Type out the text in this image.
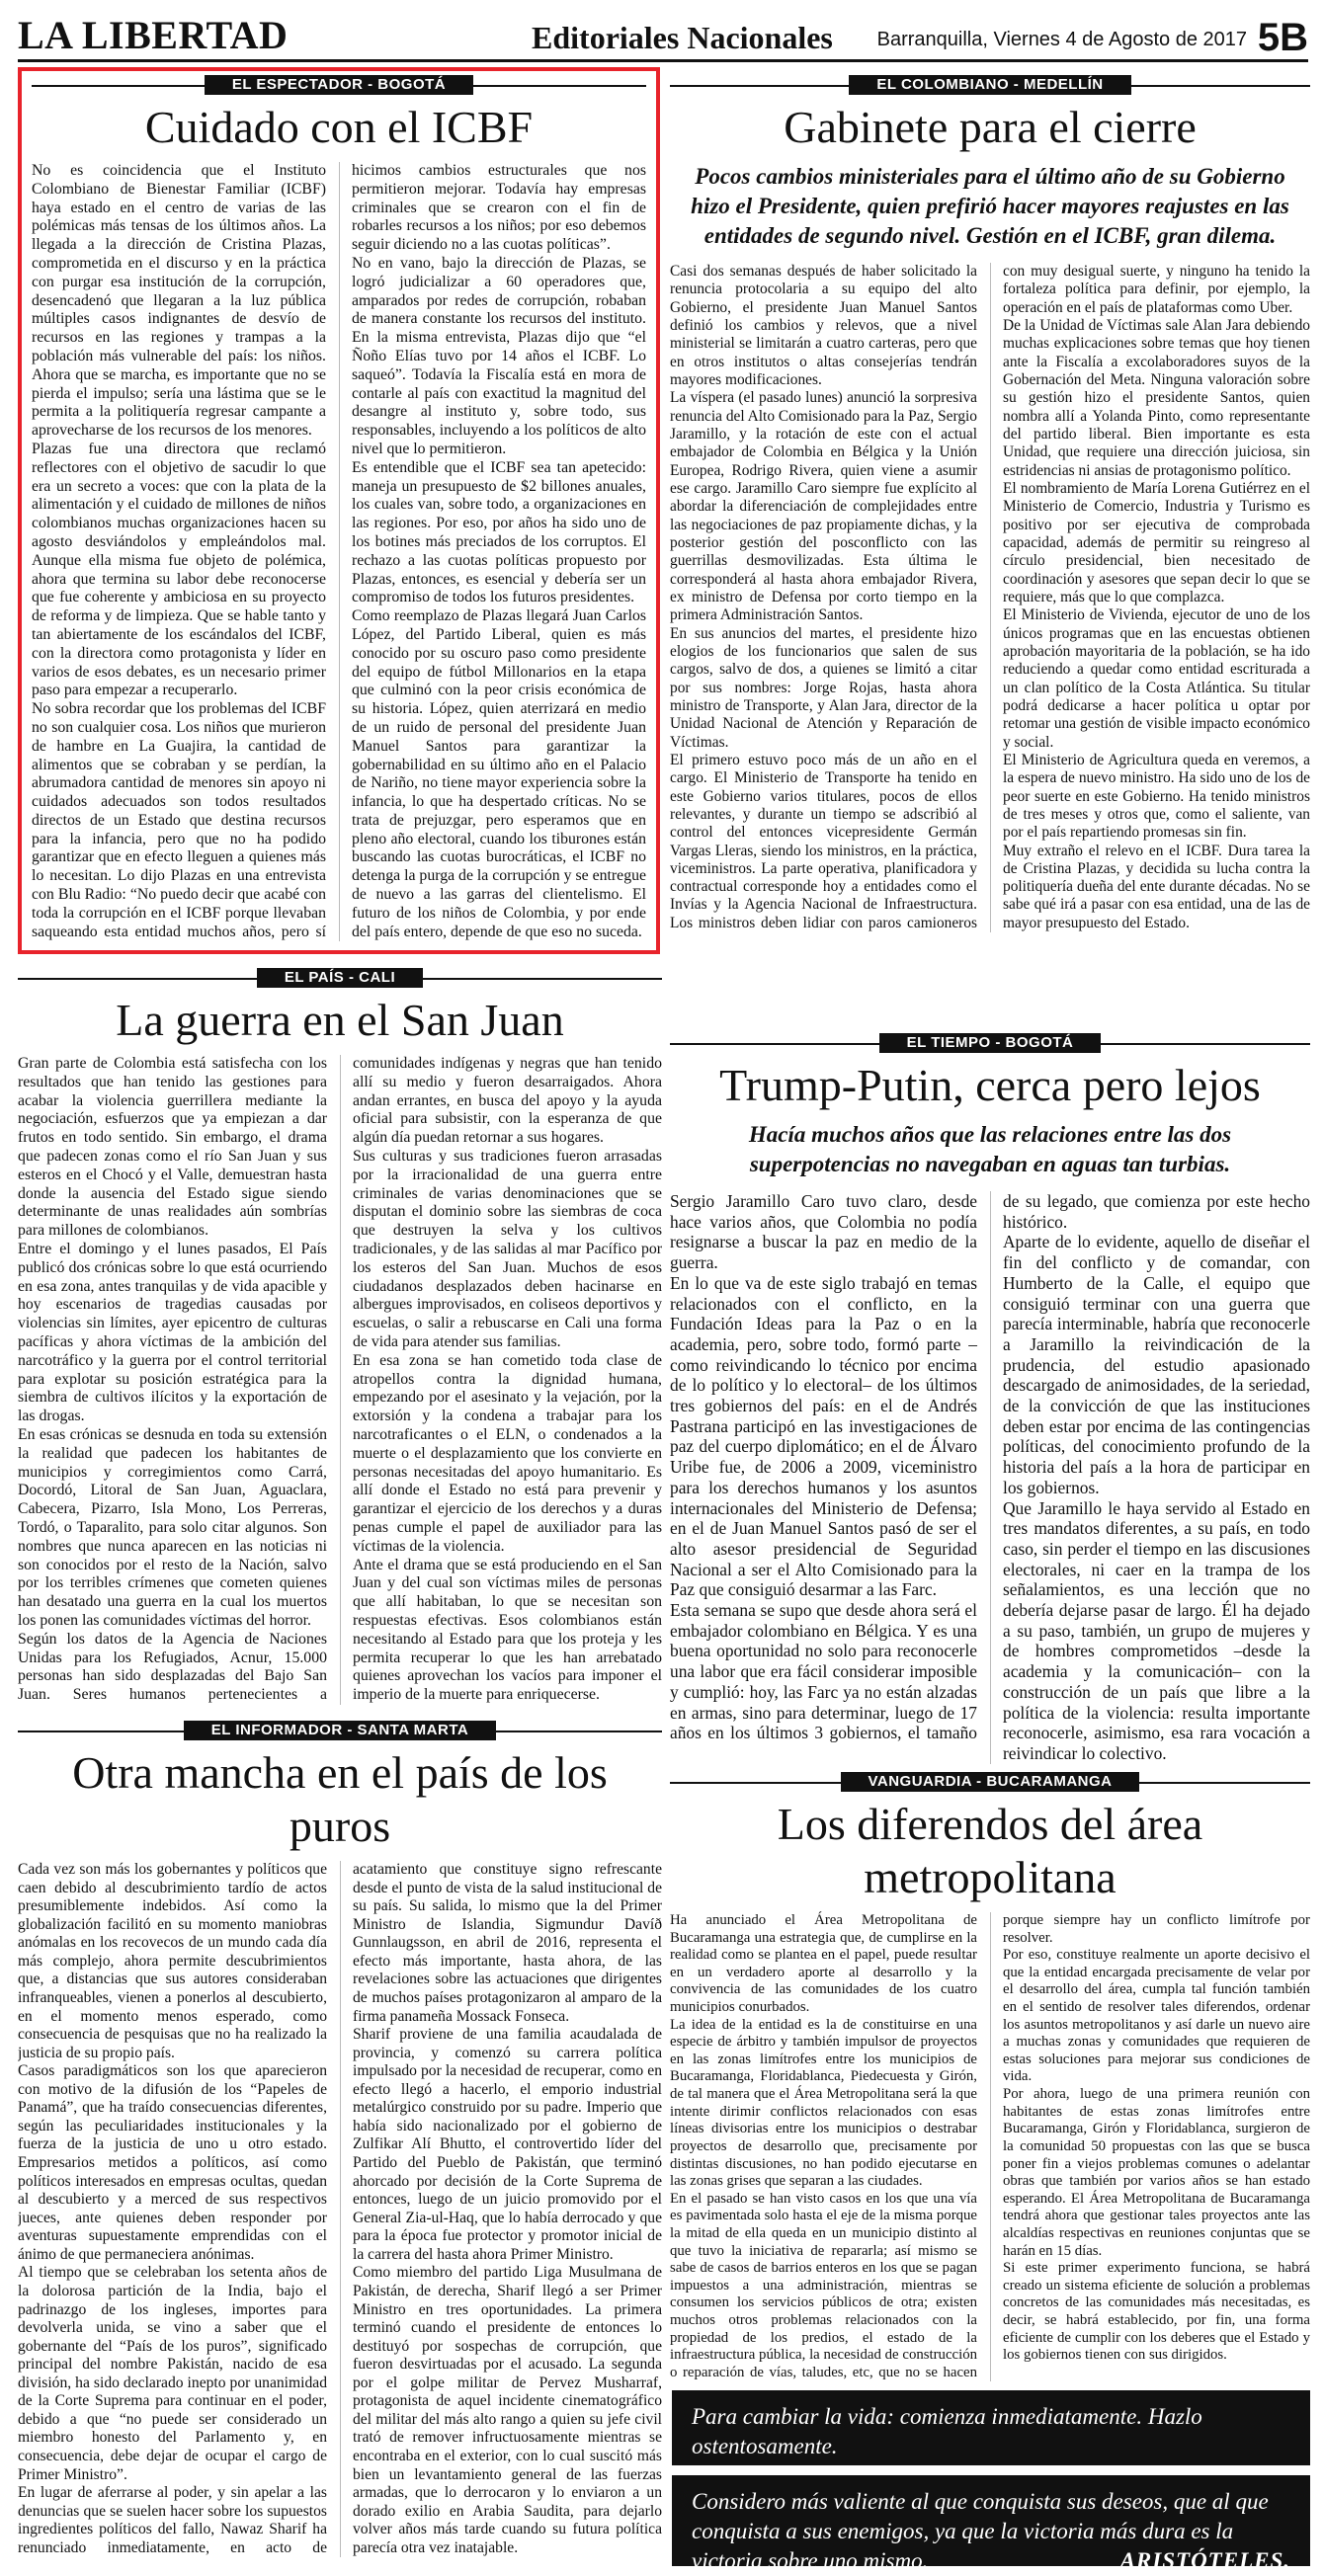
LA LIBERTAD	Editoriales Nacionales Barranquilla, Viernes 4 de Agosto de 2017 5B
EL ESPECTADOR - BOGOTÁ
Cuidado con el ICBF

No es coincidencia que el Instituto Colombiano de Bienestar Familiar (ICBF) haya estado en el centro de varias de las polémicas más tensas de los últimos años. La llegada a la dirección de Cristina Plazas, comprometida en el discurso y en la práctica con purgar esa institución de la corrupción, desencadenó que llegaran a la luz pública múltiples casos indignantes de desvío de recursos en las regiones y trampas a la población más vulnerable del país: los niños. Ahora que se marcha, es importante que no se pierda el impulso; sería una lástima que se le permita a la politiquería regresar campante a aprovecharse de los recursos de los menores.

Plazas fue una directora que reclamó reflectores con el objetivo de sacudir lo que era un secreto a voces: que con la plata de la alimentación y el cuidado de millones de niños colombianos muchas organizaciones hacen su agosto desviándolos y empleándolos mal. Aunque ella misma fue objeto de polémica, ahora que termina su labor debe reconocerse que fue coherente y ambiciosa en su proyecto de reforma y de limpieza. Que se hable tanto y tan abiertamente de los escándalos del ICBF, con la directora como protagonista y líder en varios de esos debates, es un necesario primer paso para empezar a recuperarlo.

No sobra recordar que los problemas del ICBF no son cualquier cosa. Los niños que murieron de hambre en La Guajira, la cantidad de alimentos que se cobraban y se perdían, la abrumadora cantidad de menores sin apoyo ni cuidados adecuados son todos resultados directos de un Estado que destina recursos para la infancia, pero que no ha podido garantizar que en efecto lleguen a quienes más lo necesitan. Lo dijo Plazas en una entrevista con Blu Radio: “No puedo decir que acabé con toda la corrupción en el ICBF porque llevaban saqueando esta entidad muchos años, pero sí hicimos cambios estructurales que nos permitieron mejorar. Todavía hay empresas criminales que se crearon con el fin de robarles recursos a los niños; por eso debemos seguir diciendo no a las cuotas políticas”.

No en vano, bajo la dirección de Plazas, se logró judicializar a 60 operadores que, amparados por redes de corrupción, robaban de manera constante los recursos del instituto. En la misma entrevista, Plazas dijo que “el Ñoño Elías tuvo por 14 años el ICBF. Lo saqueó”. Todavía la Fiscalía está en mora de contarle al país con exactitud la magnitud del desangre al instituto y, sobre todo, sus responsables, incluyendo a los políticos de alto nivel que lo permitieron.

Es entendible que el ICBF sea tan apetecido: maneja un presupuesto de $2 billones anuales, los cuales van, sobre todo, a organizaciones en las regiones. Por eso, por años ha sido uno de los botines más preciados de los corruptos. El rechazo a las cuotas políticas propuesto por Plazas, entonces, es esencial y debería ser un compromiso de todos los futuros presidentes.

Como reemplazo de Plazas llegará Juan Carlos López, del Partido Liberal, quien es más conocido por su oscuro paso como presidente del equipo de fútbol Millonarios en la etapa que culminó con la peor crisis económica de su historia. López, quien aterrizará en medio de un ruido de personal del presidente Juan Manuel Santos para garantizar la gobernabilidad en su último año en el Palacio de Nariño, no tiene mayor experiencia sobre la infancia, lo que ha despertado críticas. No se trata de prejuzgar, pero esperamos que en pleno año electoral, cuando los tiburones están buscando las cuotas burocráticas, el ICBF no detenga la purga de la corrupción y se entregue de nuevo a las garras del clientelismo. El futuro de los niños de Colombia, y por ende del país entero, depende de que eso no suceda.

EL COLOMBIANO - MEDELLÍN
Gabinete para el cierre

Pocos cambios ministeriales para el último año de su Gobierno hizo el Presidente, quien prefirió hacer mayores reajustes en las entidades de segundo nivel. Gestión en el ICBF, gran dilema.

Casi dos semanas después de haber solicitado la renuncia protocolaria a su equipo del alto Gobierno, el presidente Juan Manuel Santos definió los cambios y relevos, que a nivel ministerial se limitarán a cuatro carteras, pero que en otros institutos o altas consejerías tendrán mayores modificaciones.

La víspera (el pasado lunes) anunció la sorpresiva renuncia del Alto Comisionado para la Paz, Sergio Jaramillo, y la rotación de este con el actual embajador de Colombia en Bélgica y la Unión Europea, Rodrigo Rivera, quien viene a asumir ese cargo. Jaramillo Caro siempre fue explícito al abordar la diferenciación de complejidades entre las negociaciones de paz propiamente dichas, y la posterior gestión del posconflicto con las guerrillas desmovilizadas. Esta última le corresponderá al hasta ahora embajador Rivera, ex ministro de Defensa por corto tiempo en la primera Administración Santos.

En sus anuncios del martes, el presidente hizo elogios de los funcionarios que salen de sus cargos, salvo de dos, a quienes se limitó a citar por sus nombres: Jorge Rojas, hasta ahora ministro de Transporte, y Alan Jara, director de la Unidad Nacional de Atención y Reparación de Víctimas.

El primero estuvo poco más de un año en el cargo. El Ministerio de Transporte ha tenido en este Gobierno varios titulares, pocos de ellos relevantes, y durante un tiempo se adscribió al control del entonces vicepresidente Germán Vargas Lleras, siendo los ministros, en la práctica, viceministros. La parte operativa, planificadora y contractual corresponde hoy a entidades como el Invías y la Agencia Nacional de Infraestructura. Los ministros deben lidiar con paros camioneros con muy desigual suerte, y ninguno ha tenido la fortaleza política para definir, por ejemplo, la operación en el país de plataformas como Uber.

De la Unidad de Víctimas sale Alan Jara debiendo muchas explicaciones sobre temas que hoy tienen ante la Fiscalía a excolaboradores suyos de la Gobernación del Meta. Ninguna valoración sobre su gestión hizo el presidente Santos, quien nombra allí a Yolanda Pinto, como representante del partido liberal. Bien importante es esta Unidad, que requiere una dirección juiciosa, sin estridencias ni ansias de protagonismo político.

El nombramiento de María Lorena Gutiérrez en el Ministerio de Comercio, Industria y Turismo es positivo por ser ejecutiva de comprobada capacidad, además de permitir su reingreso al círculo presidencial, bien necesitado de coordinación y asesores que sepan decir lo que se requiere, más que lo que complazca.

El Ministerio de Vivienda, ejecutor de uno de los únicos programas que en las encuestas obtienen aprobación mayoritaria de la población, se ha ido reduciendo a quedar como entidad escriturada a un clan político de la Costa Atlántica. Su titular podrá dedicarse a hacer política u optar por retomar una gestión de visible impacto económico y social.

El Ministerio de Agricultura queda en veremos, a la espera de nuevo ministro. Ha sido uno de los de peor suerte en este Gobierno. Ha tenido ministros de tres meses y otros que, como el saliente, van por el país repartiendo promesas sin fin.

Muy extraño el relevo en el ICBF. Dura tarea la de Cristina Plazas, y decidida su lucha contra la politiquería dueña del ente durante décadas. No se sabe qué irá a pasar con esa entidad, una de las de mayor presupuesto del Estado.

EL PAÍS - CALI
La guerra en el San Juan

Gran parte de Colombia está satisfecha con los resultados que han tenido las gestiones para acabar la violencia guerrillera mediante la negociación, esfuerzos que ya empiezan a dar frutos en todo sentido. Sin embargo, el drama que padecen zonas como el río San Juan y sus esteros en el Chocó y el Valle, demuestran hasta donde la ausencia del Estado sigue siendo determinante de unas realidades aún sombrías para millones de colombianos.

Entre el domingo y el lunes pasados, El País publicó dos crónicas sobre lo que está ocurriendo en esa zona, antes tranquilas y de vida apacible y hoy escenarios de tragedias causadas por violencias sin límites, ayer epicentro de culturas pacíficas y ahora víctimas de la ambición del narcotráfico y la guerra por el control territorial para explotar su posición estratégica para la siembra de cultivos ilícitos y la exportación de las drogas.

En esas crónicas se desnuda en toda su extensión la realidad que padecen los habitantes de municipios y corregimientos como Carrá, Docordó, Litoral de San Juan, Aguaclara, Cabecera, Pizarro, Isla Mono, Los Perreras, Tordó, o Taparalito, para solo citar algunos. Son nombres que nunca aparecen en las noticias ni son conocidos por el resto de la Nación, salvo por los terribles crímenes que cometen quienes han desatado una guerra en la cual los muertos los ponen las comunidades víctimas del horror.

Según los datos de la Agencia de Naciones Unidas para los Refugiados, Acnur, 15.000 personas han sido desplazadas del Bajo San Juan. Seres humanos pertenecientes a comunidades indígenas y negras que han tenido allí su medio y fueron desarraigados. Ahora andan errantes, en busca del apoyo y la ayuda oficial para subsistir, con la esperanza de que algún día puedan retornar a sus hogares.

Sus culturas y sus tradiciones fueron arrasadas por la irracionalidad de una guerra entre criminales de varias denominaciones que se disputan el dominio sobre las siembras de coca que destruyen la selva y los cultivos tradicionales, y de las salidas al mar Pacífico por los esteros del San Juan. Muchos de esos ciudadanos desplazados deben hacinarse en albergues improvisados, en coliseos deportivos y escuelas, o salir a rebuscarse en Cali una forma de vida para atender sus familias.

En esa zona se han cometido toda clase de atropellos contra la dignidad humana, empezando por el asesinato y la vejación, por la extorsión y la condena a trabajar para los narcotraficantes o el ELN, o condenados a la muerte o el desplazamiento que los convierte en personas necesitadas del apoyo humanitario. Es allí donde el Estado no está para prevenir y garantizar el ejercicio de los derechos y a duras penas cumple el papel de auxiliador para las víctimas de la violencia.

Ante el drama que se está produciendo en el San Juan y del cual son víctimas miles de personas que allí habitaban, lo que se necesitan son respuestas efectivas. Esos colombianos están necesitando al Estado para que los proteja y les permita recuperar lo que les han arrebatado quienes aprovechan los vacíos para imponer el imperio de la muerte para enriquecerse.

EL TIEMPO - BOGOTÁ
Trump-Putin, cerca pero lejos

Hacía muchos años que las relaciones entre las dos superpotencias no navegaban en aguas tan turbias.

Sergio Jaramillo Caro tuvo claro, desde hace varios años, que Colombia no podía resignarse a buscar la paz en medio de la guerra.

En lo que va de este siglo trabajó en temas relacionados con el conflicto, en la Fundación Ideas para la Paz o en la academia, pero, sobre todo, formó parte –como reivindicando lo técnico por encima de lo político y lo electoral– de los últimos tres gobiernos del país: en el de Andrés Pastrana participó en las investigaciones de paz del cuerpo diplomático; en el de Álvaro Uribe fue, de 2006 a 2009, viceministro para los derechos humanos y los asuntos internacionales del Ministerio de Defensa; en el de Juan Manuel Santos pasó de ser el alto asesor presidencial de Seguridad Nacional a ser el Alto Comisionado para la Paz que consiguió desarmar a las Farc.

Esta semana se supo que desde ahora será el embajador colombiano en Bélgica. Y es una buena oportunidad no solo para reconocerle una labor que era fácil considerar imposible y cumplió: hoy, las Farc ya no están alzadas en armas, sino para determinar, luego de 17 años en los últimos 3 gobiernos, el tamaño de su legado, que comienza por este hecho histórico.

Aparte de lo evidente, aquello de diseñar el fin del conflicto y de comandar, con Humberto de la Calle, el equipo que consiguió terminar con una guerra que parecía interminable, habría que reconocerle a Jaramillo la reivindicación de la prudencia, del estudio apasionado descargado de animosidades, de la seriedad, de la convicción de que las instituciones deben estar por encima de las contingencias políticas, del conocimiento profundo de la historia del país a la hora de participar en los gobiernos.

Que Jaramillo le haya servido al Estado en tres mandatos diferentes, a su país, en todo caso, sin perder el tiempo en las discusiones electorales, ni caer en la trampa de los señalamientos, es una lección que no debería dejarse pasar de largo. Él ha dejado a su paso, también, un grupo de mujeres y de hombres comprometidos –desde la academia y la comunicación– con la construcción de un país que libre a la política de la violencia: resulta importante reconocerle, asimismo, esa rara vocación a reivindicar lo colectivo.

EL INFORMADOR - SANTA MARTA
Otra mancha en el país de los puros

Cada vez son más los gobernantes y políticos que caen debido al descubrimiento tardío de actos presumiblemente indebidos. Así como la globalización facilitó en su momento maniobras anómalas en los recovecos de un mundo cada día más complejo, ahora permite descubrimientos que, a distancias que sus autores consideraban infranqueables, vienen a ponerlos al descubierto, en el momento menos esperado, como consecuencia de pesquisas que no ha realizado la justicia de su propio país.

Casos paradigmáticos son los que aparecieron con motivo de la difusión de los “Papeles de Panamá”, que ha traído consecuencias diferentes, según las peculiaridades institucionales y la fuerza de la justicia de uno u otro estado. Empresarios metidos a políticos, así como políticos interesados en empresas ocultas, quedan al descubierto y a merced de sus respectivos jueces, ante quienes deben responder por aventuras supuestamente emprendidas con el ánimo de que permaneciera anónimas.

Al tiempo que se celebraban los setenta años de la dolorosa partición de la India, bajo el padrinazgo de los ingleses, importes para devolverla unida, se vino a saber que el gobernante del “País de los puros”, significado principal del nombre Pakistán, nacido de esa división, ha sido declarado inepto por unanimidad de la Corte Suprema para continuar en el poder, debido a que “no puede ser considerado un miembro honesto del Parlamento y, en consecuencia, debe dejar de ocupar el cargo de Primer Ministro”.

En lugar de aferrarse al poder, y sin apelar a las denuncias que se suelen hacer sobre los supuestos ingredientes políticos del fallo, Nawaz Sharif ha renunciado inmediatamente, en acto de acatamiento que constituye signo refrescante desde el punto de vista de la salud institucional de su país. Su salida, lo mismo que la del Primer Ministro de Islandia, Sigmundur Davíð Gunnlaugsson, en abril de 2016, representa el efecto más importante, hasta ahora, de las revelaciones sobre las actuaciones que dirigentes de muchos países protagonizaron al amparo de la firma panameña Mossack Fonseca.

Sharif proviene de una familia acaudalada de provincia, y comenzó su carrera política impulsado por la necesidad de recuperar, como en efecto llegó a hacerlo, el emporio industrial metalúrgico construido por su padre. Imperio que había sido nacionalizado por el gobierno de Zulfikar Alí Bhutto, el controvertido líder del Partido del Pueblo de Pakistán, que terminó ahorcado por decisión de la Corte Suprema de entonces, luego de un juicio promovido por el General Zia-ul-Haq, que lo había derrocado y que para la época fue protector y promotor inicial de la carrera del hasta ahora Primer Ministro.

Como miembro del partido Liga Musulmana de Pakistán, de derecha, Sharif llegó a ser Primer Ministro en tres oportunidades. La primera terminó cuando el presidente de entonces lo destituyó por sospechas de corrupción, que fueron desvirtuadas por el acusado. La segunda por el golpe militar de Pervez Musharraf, protagonista de aquel incidente cinematográfico del militar del más alto rango a quien su jefe civil trató de remover infructuosamente mientras se encontraba en el exterior, con lo cual suscitó más bien un levantamiento general de las fuerzas armadas, que lo derrocaron y lo enviaron a un dorado exilio en Arabia Saudita, para dejarlo volver años más tarde cuando su futura política parecía otra vez inatajable.

VANGUARDIA - BUCARAMANGA
Los diferendos del área metropolitana

Ha anunciado el Área Metropolitana de Bucaramanga una estrategia que, de cumplirse en la realidad como se plantea en el papel, puede resultar en un verdadero aporte al desarrollo y la convivencia de las comunidades de los cuatro municipios conurbados.

La idea de la entidad es la de constituirse en una especie de árbitro y también impulsor de proyectos en las zonas limítrofes entre los municipios de Bucaramanga, Floridablanca, Piedecuesta y Girón, de tal manera que el Área Metropolitana será la que intente dirimir conflictos relacionados con esas líneas divisorias entre los municipios o destrabar proyectos de desarrollo que, precisamente por distintas discusiones, no han podido ejecutarse en las zonas grises que separan a las ciudades.

En el pasado se han visto casos en los que una vía es pavimentada solo hasta el eje de la misma porque la mitad de ella queda en un municipio distinto al que tuvo la iniciativa de repararla; así mismo se sabe de casos de barrios enteros en los que se pagan impuestos a una administración, mientras se consumen los servicios públicos de otra; existen muchos otros problemas relacionados con la propiedad de los predios, el estado de la infraestructura pública, la necesidad de construcción o reparación de vías, taludes, etc, que no se hacen porque siempre hay un conflicto limítrofe por resolver.

Por eso, constituye realmente un aporte decisivo el que la entidad encargada precisamente de velar por el desarrollo del área, cumpla tal función también en el sentido de resolver tales diferendos, ordenar los asuntos metropolitanos y así darle un nuevo aire a muchas zonas y comunidades que requieren de estas soluciones para mejorar sus condiciones de vida.

Por ahora, luego de una primera reunión con habitantes de estas zonas limítrofes entre Bucaramanga, Girón y Floridablanca, surgieron de la comunidad 50 propuestas con las que se busca poner fin a viejos problemas comunes o adelantar obras que también por varios años se han estado esperando. El Área Metropolitana de Bucaramanga tendrá ahora que gestionar tales proyectos ante las alcaldías respectivas en reuniones conjuntas que se harán en 15 días.

Si este primer experimento funciona, se habrá creado un sistema eficiente de solución a problemas concretos de las comunidades más necesitadas, es decir, se habrá establecido, por fin, una forma eficiente de cumplir con los deberes que el Estado y los gobiernos tienen con sus dirigidos.

Para cambiar la vida: comienza inmediatamente. Hazlo ostentosamente.
Considero más valiente al que conquista sus deseos, que al que conquista a sus enemigos, ya que la victoria más dura es la victoria sobre uno mismo.	ARISTÓTELES.
